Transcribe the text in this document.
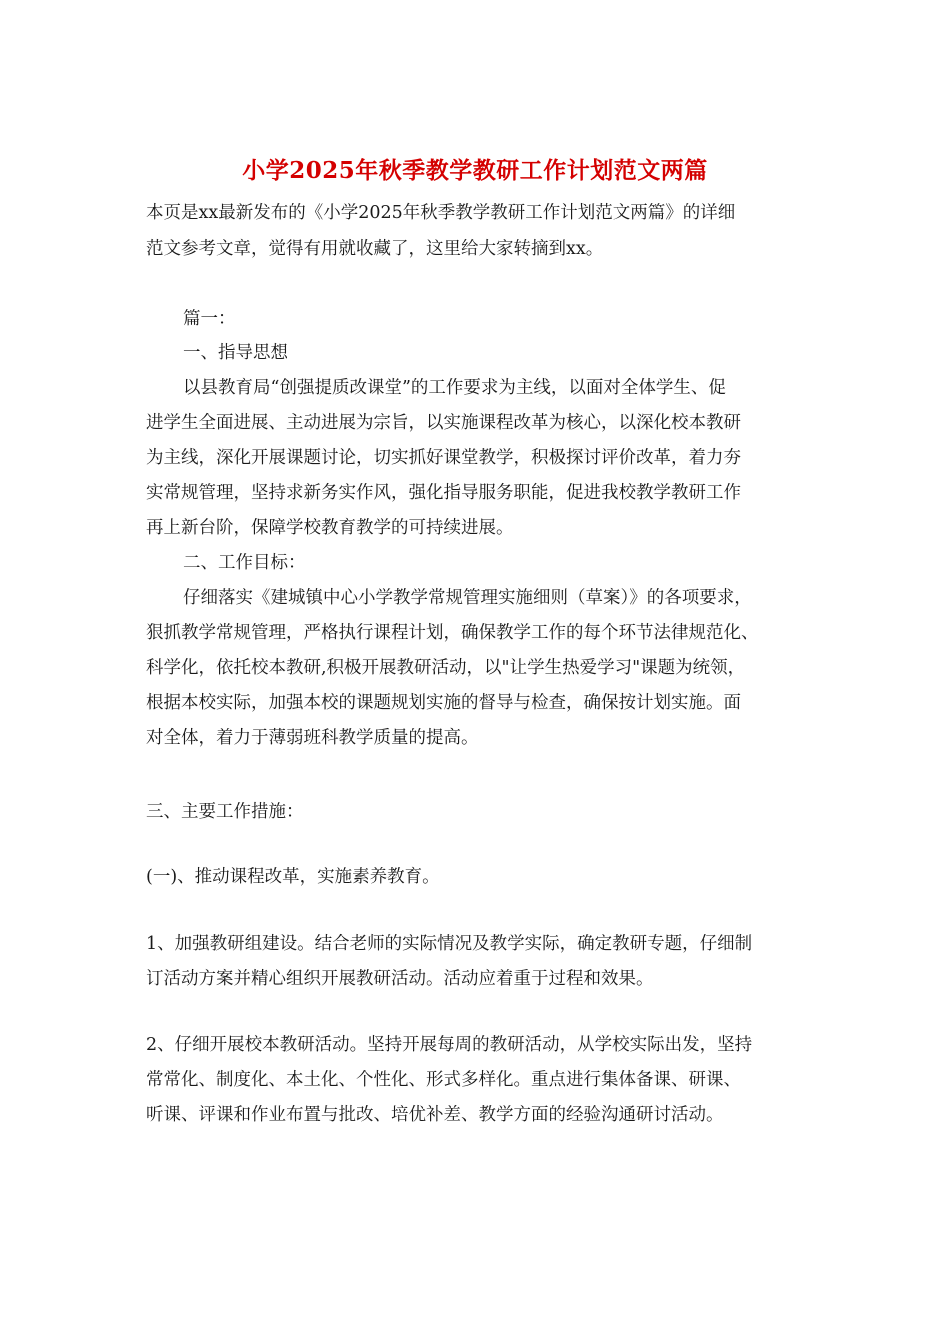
小学2025年秋季教学教研工作计划范文两篇
本页是xx最新发布的《小学2025年秋季教学教研工作计划范文两篇》的详细
范文参考文章，觉得有用就收藏了，这里给大家转摘到xx。
篇一：
一、指导思想
以县教育局“创强提质改课堂”的工作要求为主线，以面对全体学生、促
进学生全面进展、主动进展为宗旨，以实施课程改革为核心，以深化校本教研
为主线，深化开展课题讨论，切实抓好课堂教学，积极探讨评价改革，着力夯
实常规管理，坚持求新务实作风，强化指导服务职能，促进我校教学教研工作
再上新台阶，保障学校教育教学的可持续进展。
二、工作目标：
仔细落实《建城镇中心小学教学常规管理实施细则（草案）》的各项要求，
狠抓教学常规管理，严格执行课程计划，确保教学工作的每个环节法律规范化、
科学化，依托校本教研,积极开展教研活动，以"让学生热爱学习"课题为统领，
根据本校实际，加强本校的课题规划实施的督导与检查，确保按计划实施。面
对全体，着力于薄弱班科教学质量的提高。
三、主要工作措施：
(一)、推动课程改革，实施素养教育。
1、加强教研组建设。结合老师的实际情况及教学实际，确定教研专题，仔细制
订活动方案并精心组织开展教研活动。活动应着重于过程和效果。
2、仔细开展校本教研活动。坚持开展每周的教研活动，从学校实际出发，坚持
常常化、制度化、本土化、个性化、形式多样化。重点进行集体备课、研课、
听课、评课和作业布置与批改、培优补差、教学方面的经验沟通研讨活动。
